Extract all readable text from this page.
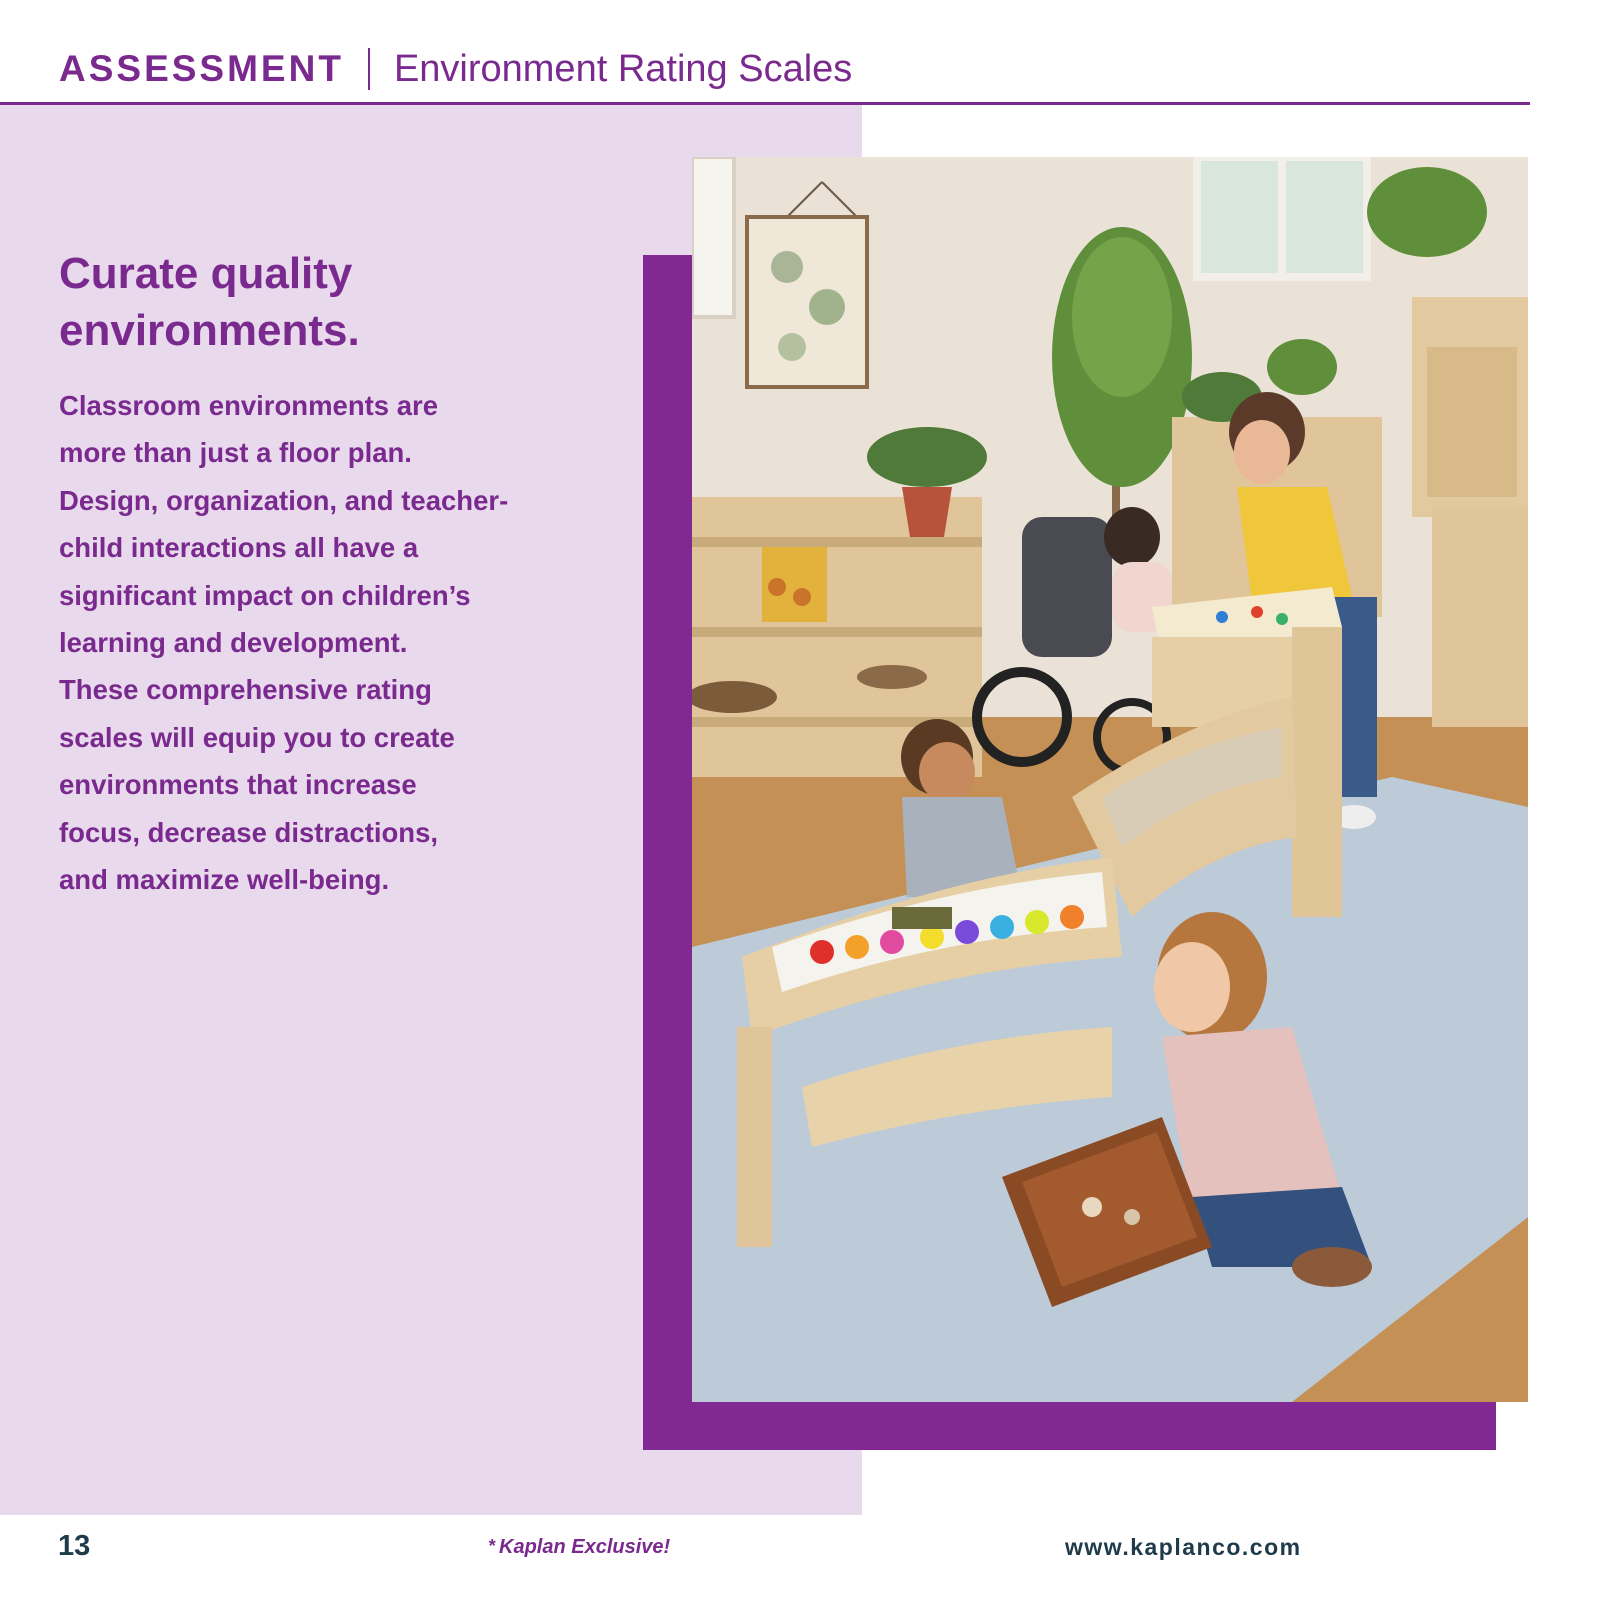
ASSESSMENT Environment Rating Scales
Curate quality
environments.
Classroom environments are
more than just a floor plan.
Design, organization, and teacher-
child interactions all have a
significant impact on children’s
learning and development.
These comprehensive rating
scales will equip you to create
environments that increase
focus, decrease distractions,
and maximize well-being.
13	* Kaplan Exclusive!	www.kaplanco.com
